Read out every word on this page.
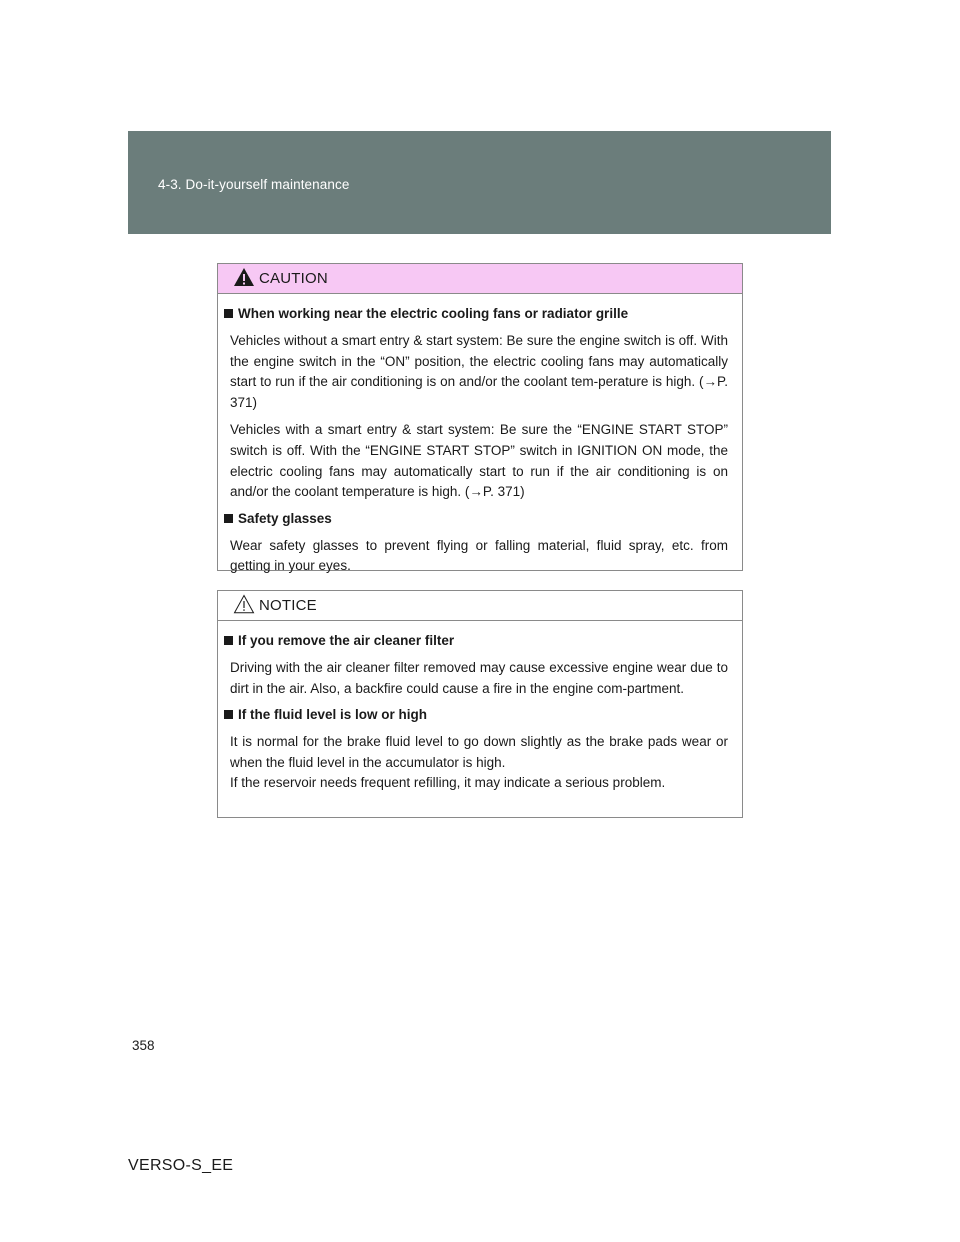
4-3. Do-it-yourself maintenance
CAUTION

When working near the electric cooling fans or radiator grille

Vehicles without a smart entry & start system: Be sure the engine switch is off. With the engine switch in the “ON” position, the electric cooling fans may automatically start to run if the air conditioning is on and/or the coolant tem-perature is high. (→P. 371)

Vehicles with a smart entry & start system: Be sure the “ENGINE START STOP” switch is off. With the “ENGINE START STOP” switch in IGNITION ON mode, the electric cooling fans may automatically start to run if the air conditioning is on and/or the coolant temperature is high. (→P. 371)

Safety glasses

Wear safety glasses to prevent flying or falling material, fluid spray, etc. from getting in your eyes.

NOTICE

If you remove the air cleaner filter

Driving with the air cleaner filter removed may cause excessive engine wear due to dirt in the air. Also, a backfire could cause a fire in the engine com-partment.

If the fluid level is low or high

It is normal for the brake fluid level to go down slightly as the brake pads wear or when the fluid level in the accumulator is high.

If the reservoir needs frequent refilling, it may indicate a serious problem.

358
VERSO-S_EE
